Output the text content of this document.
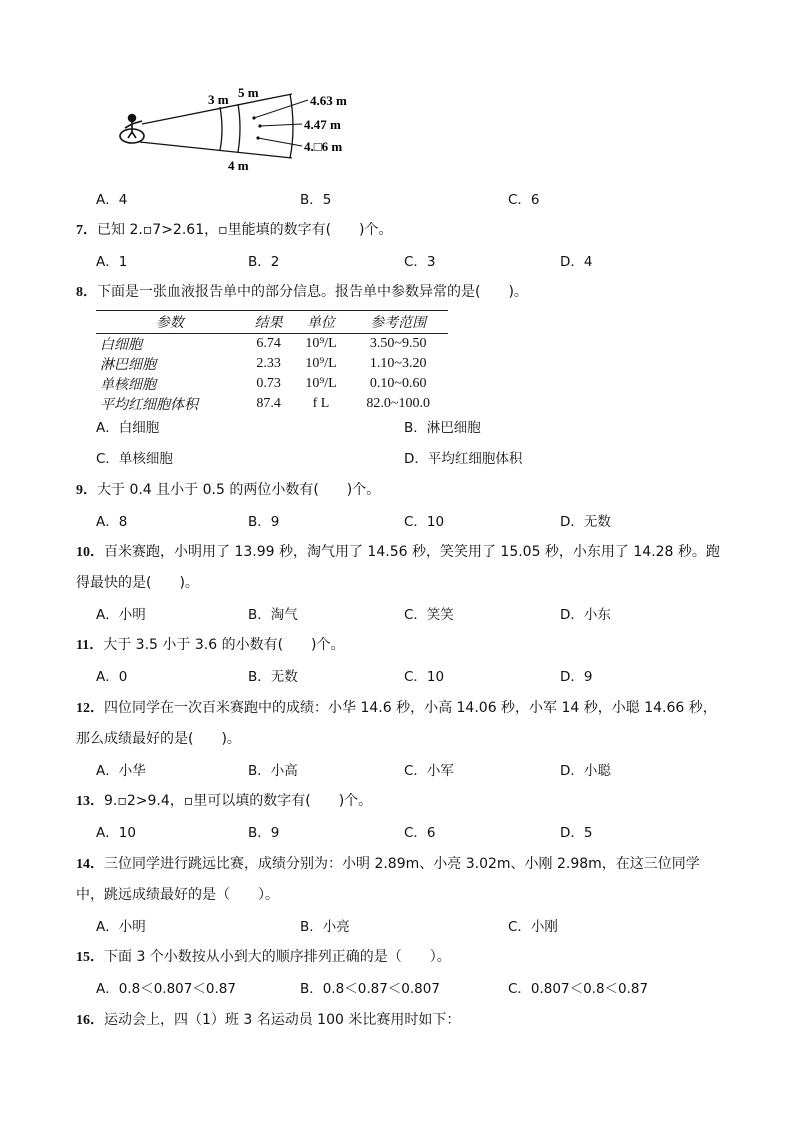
3 m 5 m
4.63 m
4.47 m
4.□6 m
4 m
A．4	B．5	C．6
7．已知 2.▫7>2.61，▫里能填的数字有(　　)个。
A．1	B．2	C．3	D．4
8．下面是一张血液报告单中的部分信息。报告单中参数异常的是(　　)。
参数	结果	单位	参考范围
白细胞	6.74	10⁹/L	3.50~9.50
淋巴细胞	2.33	10⁹/L	1.10~3.20
单核细胞	0.73	10⁹/L	0.10~0.60
平均红细胞体积	87.4	f L	82.0~100.0
A．白细胞	B．淋巴细胞
C．单核细胞	D．平均红细胞体积
9．大于 0.4 且小于 0.5 的两位小数有(　　)个。
A．8	B．9	C．10	D．无数
10．百米赛跑，小明用了 13.99 秒，淘气用了 14.56 秒，笑笑用了 15.05 秒，小东用了 14.28 秒。跑
得最快的是(　　)。
A．小明	B．淘气	C．笑笑	D．小东
11．大于 3.5 小于 3.6 的小数有(　　)个。
A．0	B．无数	C．10	D．9
12．四位同学在一次百米赛跑中的成绩：小华 14.6 秒，小高 14.06 秒，小军 14 秒，小聪 14.66 秒，
那么成绩最好的是(　　)。
A．小华	B．小高	C．小军	D．小聪
13．9.▫2>9.4，▫里可以填的数字有(　　)个。
A．10	B．9	C．6	D．5
14．三位同学进行跳远比赛，成绩分别为：小明 2.89m、小亮 3.02m、小刚 2.98m，在这三位同学
中，跳远成绩最好的是（　　）。
A．小明	B．小亮	C．小刚
15．下面 3 个小数按从小到大的顺序排列正确的是（　　）。
A．0.8＜0.807＜0.87	B．0.8＜0.87＜0.807	C．0.807＜0.8＜0.87
16．运动会上，四（1）班 3 名运动员 100 米比赛用时如下：
